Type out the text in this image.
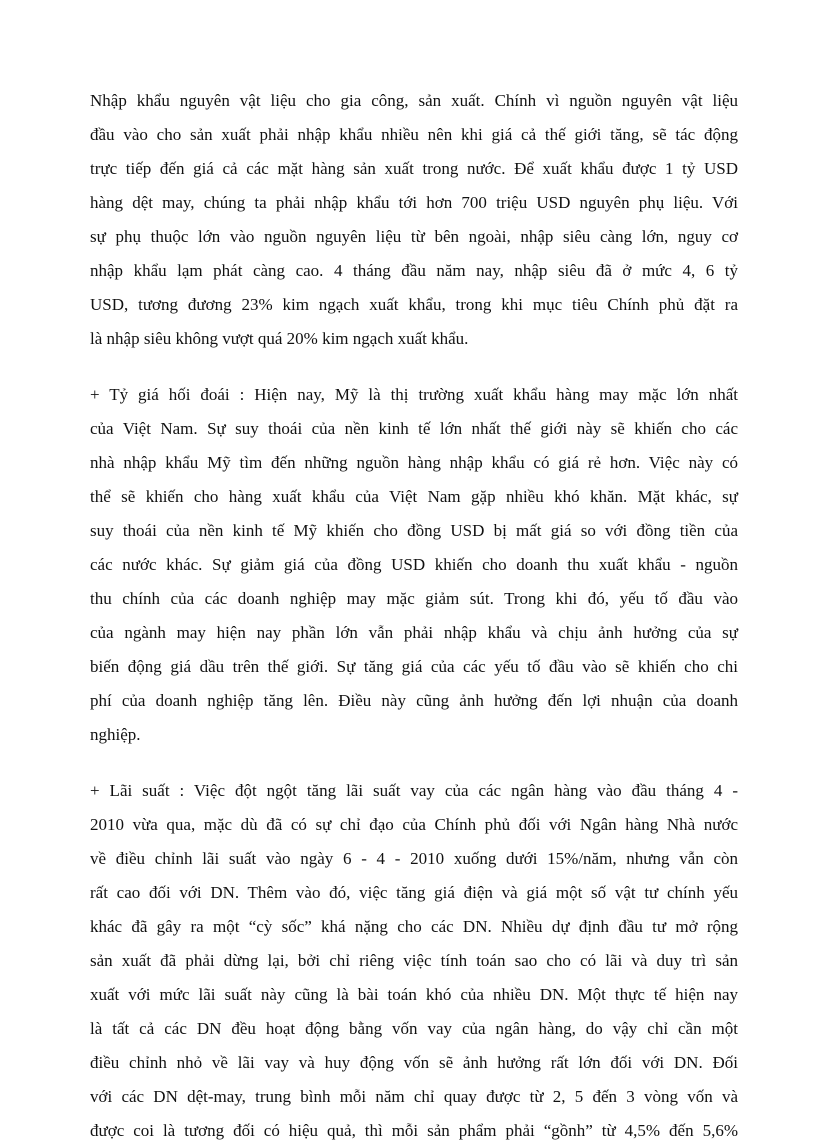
Nhập khẩu nguyên vật liệu cho gia công, sản xuất. Chính vì nguồn nguyên vật liệu
đầu vào cho sản xuất phải nhập khẩu nhiều nên khi giá cả thế giới tăng, sẽ tác động
trực tiếp đến giá cả các mặt hàng sản xuất trong nước. Để xuất khẩu được 1 tỷ USD
hàng dệt may, chúng ta phải nhập khẩu tới hơn 700 triệu USD nguyên phụ liệu. Với
sự phụ thuộc lớn vào nguồn nguyên liệu từ bên ngoài, nhập siêu càng lớn, nguy cơ
nhập khẩu lạm phát càng cao. 4 tháng đầu năm nay, nhập siêu đã ở mức 4, 6 tỷ
USD, tương đương 23% kim ngạch xuất khẩu, trong khi mục tiêu Chính phủ đặt ra
là nhập siêu không vượt quá 20% kim ngạch xuất khẩu.
+ Tỷ giá hối đoái : Hiện nay, Mỹ là thị trường xuất khẩu hàng may mặc lớn nhất
của Việt Nam. Sự suy thoái của nền kinh tế lớn nhất thế giới này sẽ khiến cho các
nhà nhập khẩu Mỹ tìm đến những nguồn hàng nhập khẩu có giá rẻ hơn. Việc này có
thể sẽ khiến cho hàng xuất khẩu của Việt Nam gặp nhiều khó khăn. Mặt khác, sự
suy thoái của nền kinh tế Mỹ khiến cho đồng USD bị mất giá so với đồng tiền của
các nước khác. Sự giảm giá của đồng USD khiến cho doanh thu xuất khẩu - nguồn
thu chính của các doanh nghiệp may mặc giảm sút. Trong khi đó, yếu tố đầu vào
của ngành may hiện nay phần lớn vẫn phải nhập khẩu và chịu ảnh hưởng của sự
biến động giá dầu trên thế giới. Sự tăng giá của các yếu tố đầu vào sẽ khiến cho chi
phí của doanh nghiệp tăng lên. Điều này cũng ảnh hưởng đến lợi nhuận của doanh
nghiệp.
+ Lãi suất : Việc đột ngột tăng lãi suất vay của các ngân hàng vào đầu tháng 4 -
2010 vừa qua, mặc dù đã có sự chỉ đạo của Chính phủ đối với Ngân hàng Nhà nước
về điều chỉnh lãi suất vào ngày 6 - 4 - 2010 xuống dưới 15%/năm, nhưng vẫn còn
rất cao đối với DN. Thêm vào đó, việc tăng giá điện và giá một số vật tư chính yếu
khác đã gây ra một “cỳ sốc” khá nặng cho các DN. Nhiều dự định đầu tư mở rộng
sản xuất đã phải dừng lại, bởi chỉ riêng việc tính toán sao cho có lãi và duy trì sản
xuất với mức lãi suất này cũng là bài toán khó của nhiều DN. Một thực tế hiện nay
là tất cả các DN đều hoạt động bằng vốn vay của ngân hàng, do vậy chỉ cần một
điều chỉnh nhỏ về lãi vay và huy động vốn sẽ ảnh hưởng rất lớn đối với DN. Đối
với các DN dệt-may, trung bình mỗi năm chỉ quay được từ 2, 5 đến 3 vòng vốn và
được coi là tương đối có hiệu quả, thì mỗi sản phẩm phải “gồnh” từ 4,5% đến 5,6%
